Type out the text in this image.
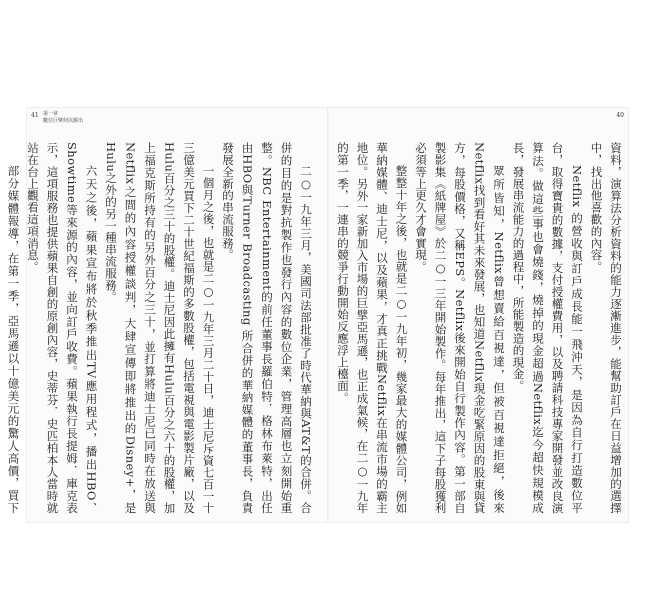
41 第一章
數位巨擘何以勝出

二○一九年三月，美國司法部批准了時代華納與AT&T的合併。合併的目的是對抗製作也發行內容的數位企業，管理高層也立刻開始重整。NBC Entertainment的前任董事長羅伯特．格林布萊特，出任由HBO與Turner Broadcasting 所合併的華納媒體的董事長，負責發展全新的串流服務。

一個月之後，也就是二○一九年三月二十日，迪士尼斥資七百一十三億美元買下二十世紀福斯的多數股權，包括電視與電影製片廠，以及Hulu百分之三十的股權。迪士尼因此擁有Hulu百分之六十的股權，加上福克斯所持有的另外百分之三十，並打算將迪士尼已同時在放送與Netflix之間的內容授權談判，大肆宣傳即將推出的Disney+，是Hulu之外的另一種串流服務。

六天之後，蘋果宣布將於秋季推出TV應用程式，播出HBO、Showtime等來源的內容，並向訂戶收費。蘋果執行長提姆．庫克表示，這項服務也提供蘋果自創的原創內容，史蒂芬．史匹柏本人當時就站在台上觀看這項消息。

部分媒體報導，在第一季，亞馬遜以十億美元的驚人高價，買下

40

資料，演算法分析資料的能力逐漸進步，能幫助訂戶在日益增加的選擇中，找出他喜歡的內容。

Netflix 的營收與訂戶成長能一飛沖天，是因為自行打造數位平台，取得寶貴的數據，支付授權費用，以及聘請科技專家開發並改良演算法。做這些事也會燒錢，燒掉的現金超過Netflix迄今超快規模成長，發展串流能力的過程中，所能製造的現金。

眾所皆知，Netflix曾想賣給百視達，但被百視達拒絕，後來Netflix找到看好其未來發展，也知道Netflix現金吃緊原因的股東與貸方，每股價格，又稱EPS。Netflix後來開始自行製作內容。第一部自製影集《紙牌屋》於二○一三年開始製作。每年推出，這下子每股獲利必須等上更久才會實現。

整整十年之後，也就是二○一九年初，幾家最大的媒體公司，例如華納媒體、迪士尼，以及蘋果，才真正挑戰Netflix在串流市場的霸主地位。另外一家新加入市場的巨擘亞馬遜，也正成氣候，在二○一九年的第一季，一連串的競爭行動開始反應浮上檯面。
